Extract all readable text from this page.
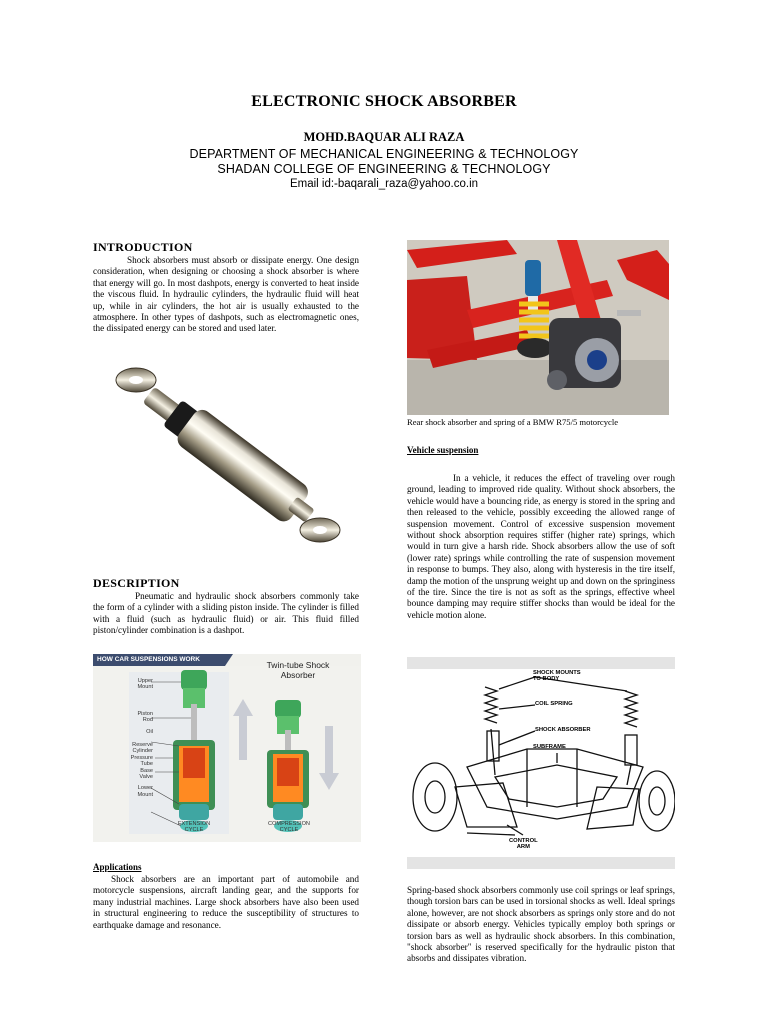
ELECTRONIC SHOCK ABSORBER
MOHD.BAQUAR ALI RAZA
DEPARTMENT OF MECHANICAL ENGINEERING & TECHNOLOGY
SHADAN COLLEGE OF ENGINEERING & TECHNOLOGY
Email id:-baqarali_raza@yahoo.co.in
INTRODUCTION
Shock absorbers must absorb or dissipate energy. One design consideration, when designing or choosing a shock absorber is where that energy will go. In most dashpots, energy is converted to heat inside the viscous fluid. In hydraulic cylinders, the hydraulic fluid will heat up, while in air cylinders, the hot air is usually exhausted to the atmosphere. In other types of dashpots, such as electromagnetic ones, the dissipated energy can be stored and used later.
DESCRIPTION
Pneumatic and hydraulic shock absorbers commonly take the form of a cylinder with a sliding piston inside. The cylinder is filled with a fluid (such as hydraulic fluid) or air. This fluid filled piston/cylinder combination is a dashpot.
HOW CAR SUSPENSIONS WORK
Twin-tube Shock
Absorber
Upper
Mount
Piston
Rod
Oil
Reserve
Cylinder
Pressure
Tube
Base
Valve
Lower
Mount
EXTENSION
CYCLE
COMPRESSION
CYCLE
Applications
Shock absorbers are an important part of automobile and motorcycle suspensions, aircraft landing gear, and the supports for many industrial machines. Large shock absorbers have also been used in structural engineering to reduce the susceptibility of structures to earthquake damage and resonance.
Rear shock absorber and spring of a BMW R75/5 motorcycle
Vehicle suspension
In a vehicle, it reduces the effect of traveling over rough ground, leading to improved ride quality. Without shock absorbers, the vehicle would have a bouncing ride, as energy is stored in the spring and then released to the vehicle, possibly exceeding the allowed range of suspension movement. Control of excessive suspension movement without shock absorption requires stiffer (higher rate) springs, which would in turn give a harsh ride. Shock absorbers allow the use of soft (lower rate) springs while controlling the rate of suspension movement in response to bumps. They also, along with hysteresis in the tire itself, damp the motion of the unsprung weight up and down on the springiness of the tire. Since the tire is not as soft as the springs, effective wheel bounce damping may require stiffer shocks than would be ideal for the vehicle motion alone.
SHOCK MOUNTS
TO BODY
COIL SPRING
SHOCK ABSORBER
SUBFRAME
CONTROL
ARM
Spring-based shock absorbers commonly use coil springs or leaf springs, though torsion bars can be used in torsional shocks as well. Ideal springs alone, however, are not shock absorbers as springs only store and do not dissipate or absorb energy. Vehicles typically employ both springs or torsion bars as well as hydraulic shock absorbers. In this combination, "shock absorber" is reserved specifically for the hydraulic piston that absorbs and dissipates vibration.
